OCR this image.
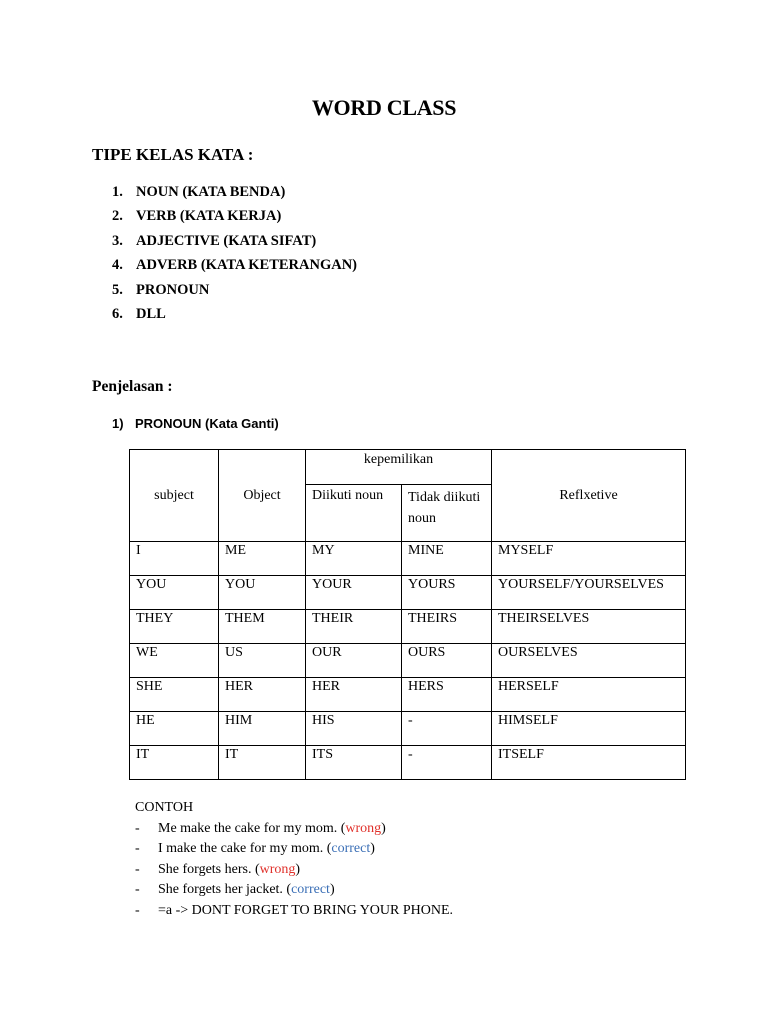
WORD CLASS
TIPE KELAS KATA :
1. NOUN (KATA BENDA)
2. VERB (KATA KERJA)
3. ADJECTIVE (KATA SIFAT)
4. ADVERB (KATA KETERANGAN)
5. PRONOUN
6. DLL
Penjelasan :
1) PRONOUN (Kata Ganti)
subject	Object	kepemilikan		Reflxetive
		Diikuti noun	Tidak diikuti noun	
I	ME	MY	MINE	MYSELF
YOU	YOU	YOUR	YOURS	YOURSELF/YOURSELVES
THEY	THEM	THEIR	THEIRS	THEIRSELVES
WE	US	OUR	OURS	OURSELVES
SHE	HER	HER	HERS	HERSELF
HE	HIM	HIS	-	HIMSELF
IT	IT	ITS	-	ITSELF
CONTOH
-	Me make the cake for my mom. (wrong)
-	I make the cake for my mom. (correct)
-	She forgets hers. (wrong)
-	She forgets her jacket. (correct)
-	=a -> DONT FORGET TO BRING YOUR PHONE.
